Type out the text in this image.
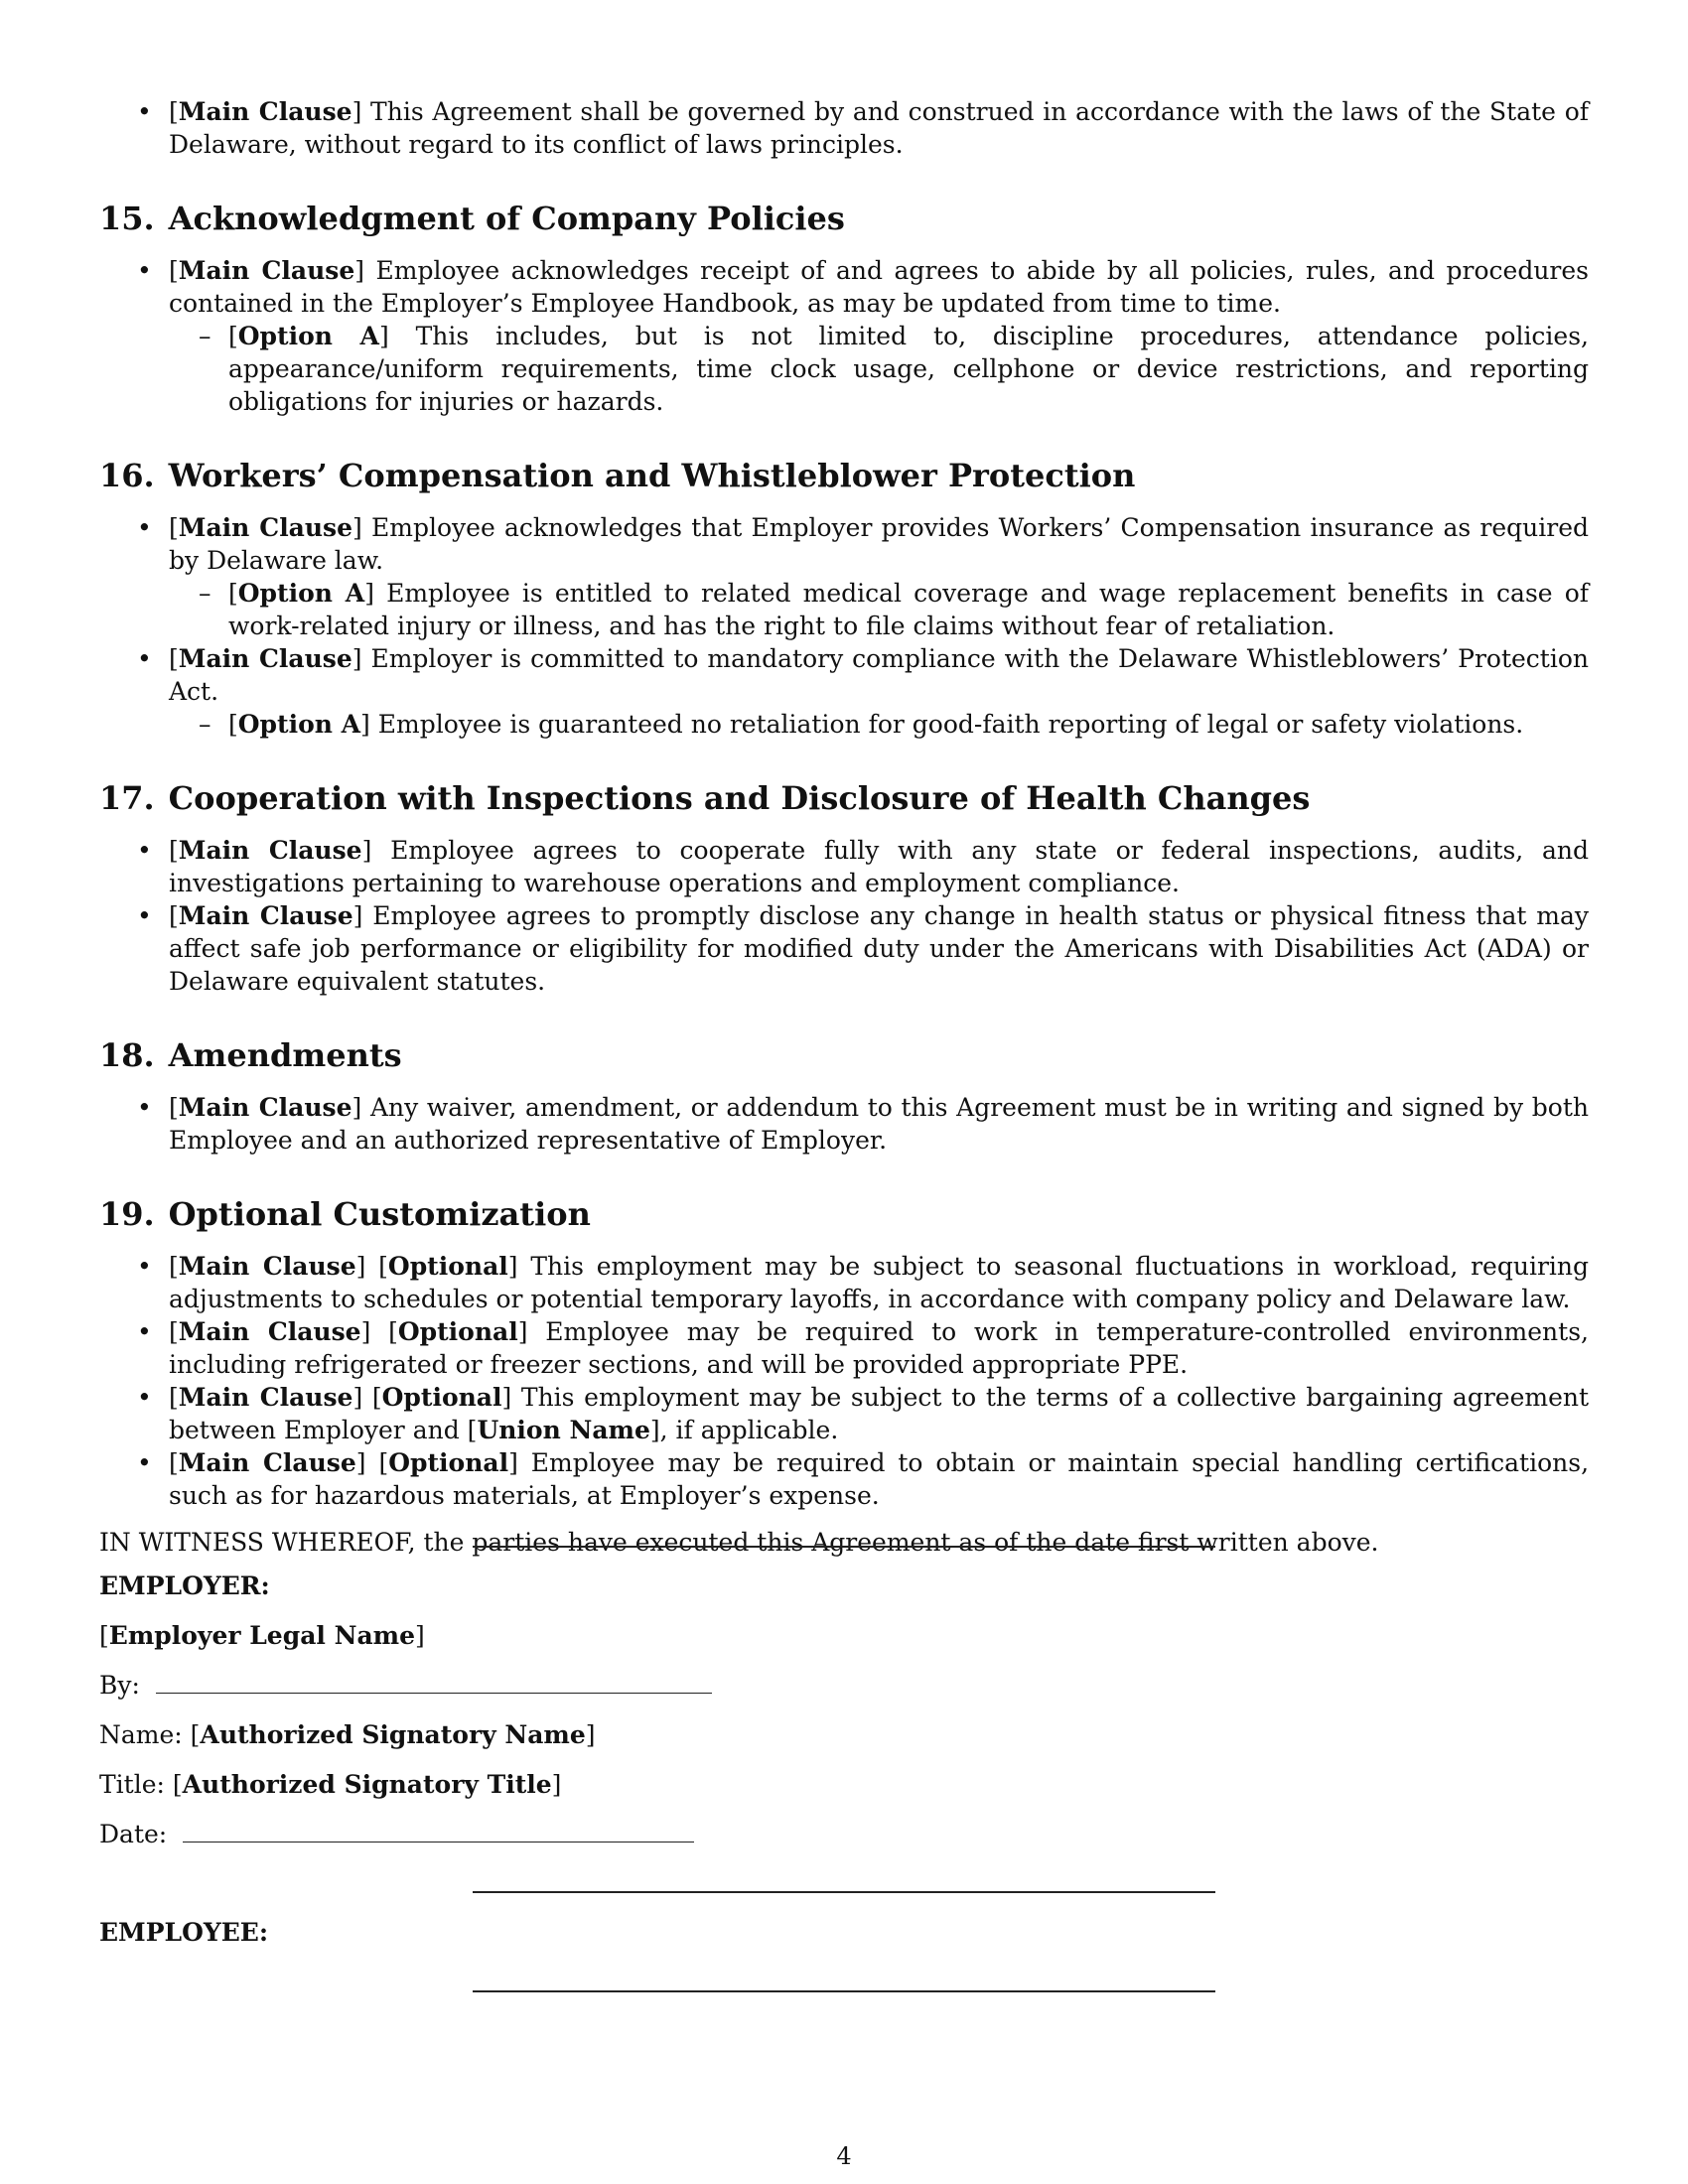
• [Main Clause] This Agreement shall be governed by and construed in accordance with the laws of the State of Delaware, without regard to its conflict of laws principles.
15. Acknowledgment of Company Policies
• [Main Clause] Employee acknowledges receipt of and agrees to abide by all policies, rules, and procedures contained in the Employer’s Employee Handbook, as may be updated from time to time.
– [Option A] This includes, but is not limited to, discipline procedures, attendance policies, appearance/uniform requirements, time clock usage, cellphone or device restrictions, and reporting obligations for injuries or hazards.
16. Workers’ Compensation and Whistleblower Protection
• [Main Clause] Employee acknowledges that Employer provides Workers’ Compensation insurance as required by Delaware law.
– [Option A] Employee is entitled to related medical coverage and wage replacement benefits in case of work-related injury or illness, and has the right to file claims without fear of retaliation.
• [Main Clause] Employer is committed to mandatory compliance with the Delaware Whistleblowers’ Protection Act.
– [Option A] Employee is guaranteed no retaliation for good-faith reporting of legal or safety violations.
17. Cooperation with Inspections and Disclosure of Health Changes
• [Main Clause] Employee agrees to cooperate fully with any state or federal inspections, audits, and investigations pertaining to warehouse operations and employment compliance.
• [Main Clause] Employee agrees to promptly disclose any change in health status or physical fitness that may affect safe job performance or eligibility for modified duty under the Americans with Disabilities Act (ADA) or Delaware equivalent statutes.
18. Amendments
• [Main Clause] Any waiver, amendment, or addendum to this Agreement must be in writing and signed by both Employee and an authorized representative of Employer.
19. Optional Customization
• [Main Clause] [Optional] This employment may be subject to seasonal fluctuations in workload, requiring adjustments to schedules or potential temporary layoffs, in accordance with company policy and Delaware law.
• [Main Clause] [Optional] Employee may be required to work in temperature-controlled environments, including refrigerated or freezer sections, and will be provided appropriate PPE.
• [Main Clause] [Optional] This employment may be subject to the terms of a collective bargaining agreement between Employer and [Union Name], if applicable.
• [Main Clause] [Optional] Employee may be required to obtain or maintain special handling certifications, such as for hazardous materials, at Employer’s expense.

IN WITNESS WHEREOF, the parties have executed this Agreement as of the date first written above.

EMPLOYER:
[Employer Legal Name]
By:
Name: [Authorized Signatory Name]
Title: [Authorized Signatory Title]
Date:
EMPLOYEE:
4
